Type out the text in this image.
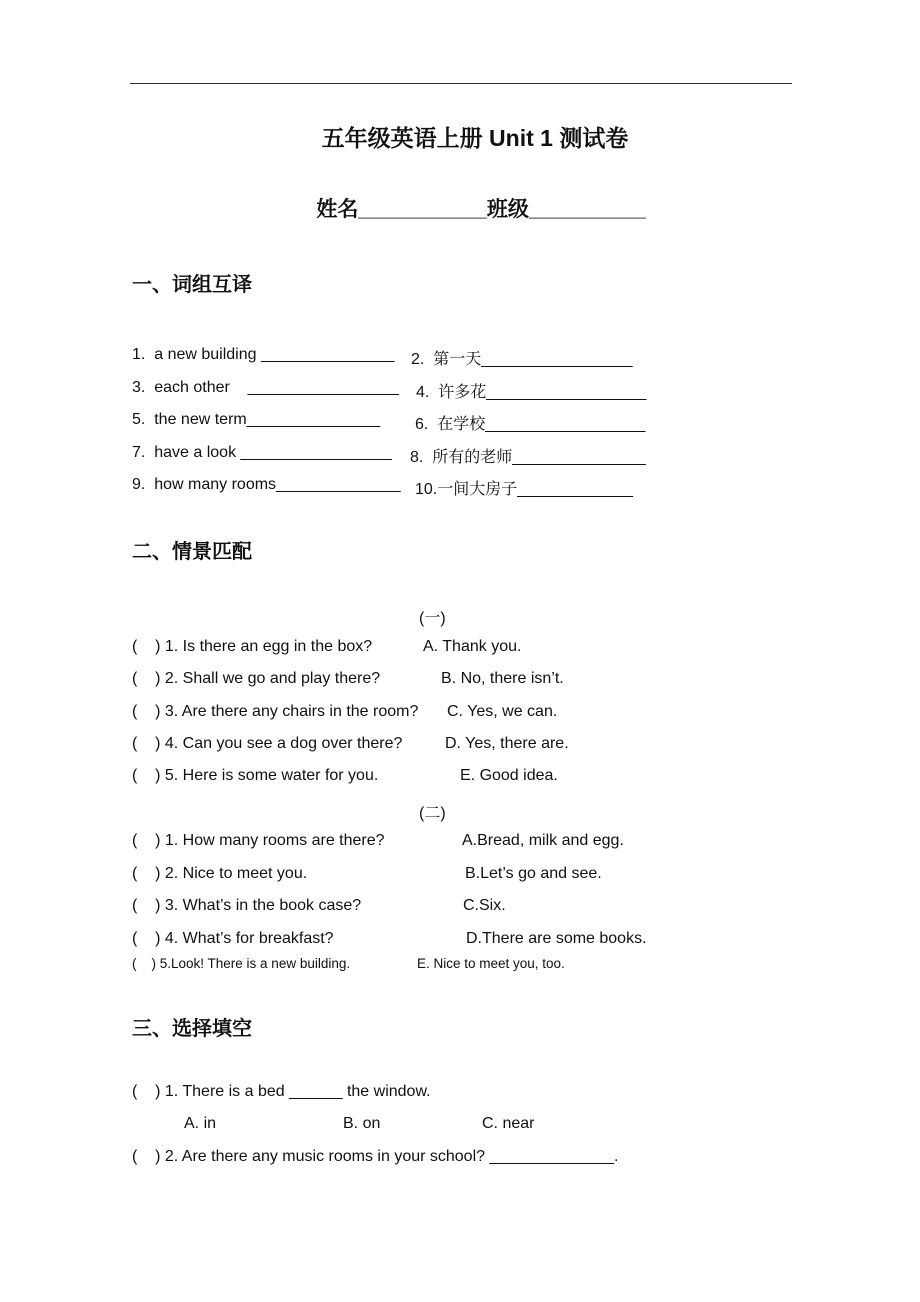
五年级英语上册 Unit 1 测试卷
姓名___________班级__________
一、词组互译
1.  a new building _______________ 2.  第一天_________________
3.  each other    _________________ 4.  许多花__________________
5.  the new term_______________ 6.  在学校__________________
7.  have a look _________________ 8.  所有的老师_______________
9.  how many rooms______________ 10.一间大房子_____________
二、情景匹配
(一)
(    ) 1. Is there an egg in the box?	A. Thank you.
(    ) 2. Shall we go and play there?	B. No, there isn’t.
(    ) 3. Are there any chairs in the room? C. Yes, we can.
(    ) 4. Can you see a dog over there?	D. Yes, there are.
(    ) 5. Here is some water for you.	E. Good idea.
(二)
(    ) 1. How many rooms are there?	A.Bread, milk and egg.
(    ) 2. Nice to meet you.	B.Let’s go and see.
(    ) 3. What’s in the book case?	C.Six.
(    ) 4. What’s for breakfast?	D.There are some books.
(    ) 5.Look! There is a new building.	E. Nice to meet you, too.
三、选择填空
(    ) 1. There is a bed ______ the window.
A. in	B. on	C. near
(    ) 2. Are there any music rooms in your school? ______________.
